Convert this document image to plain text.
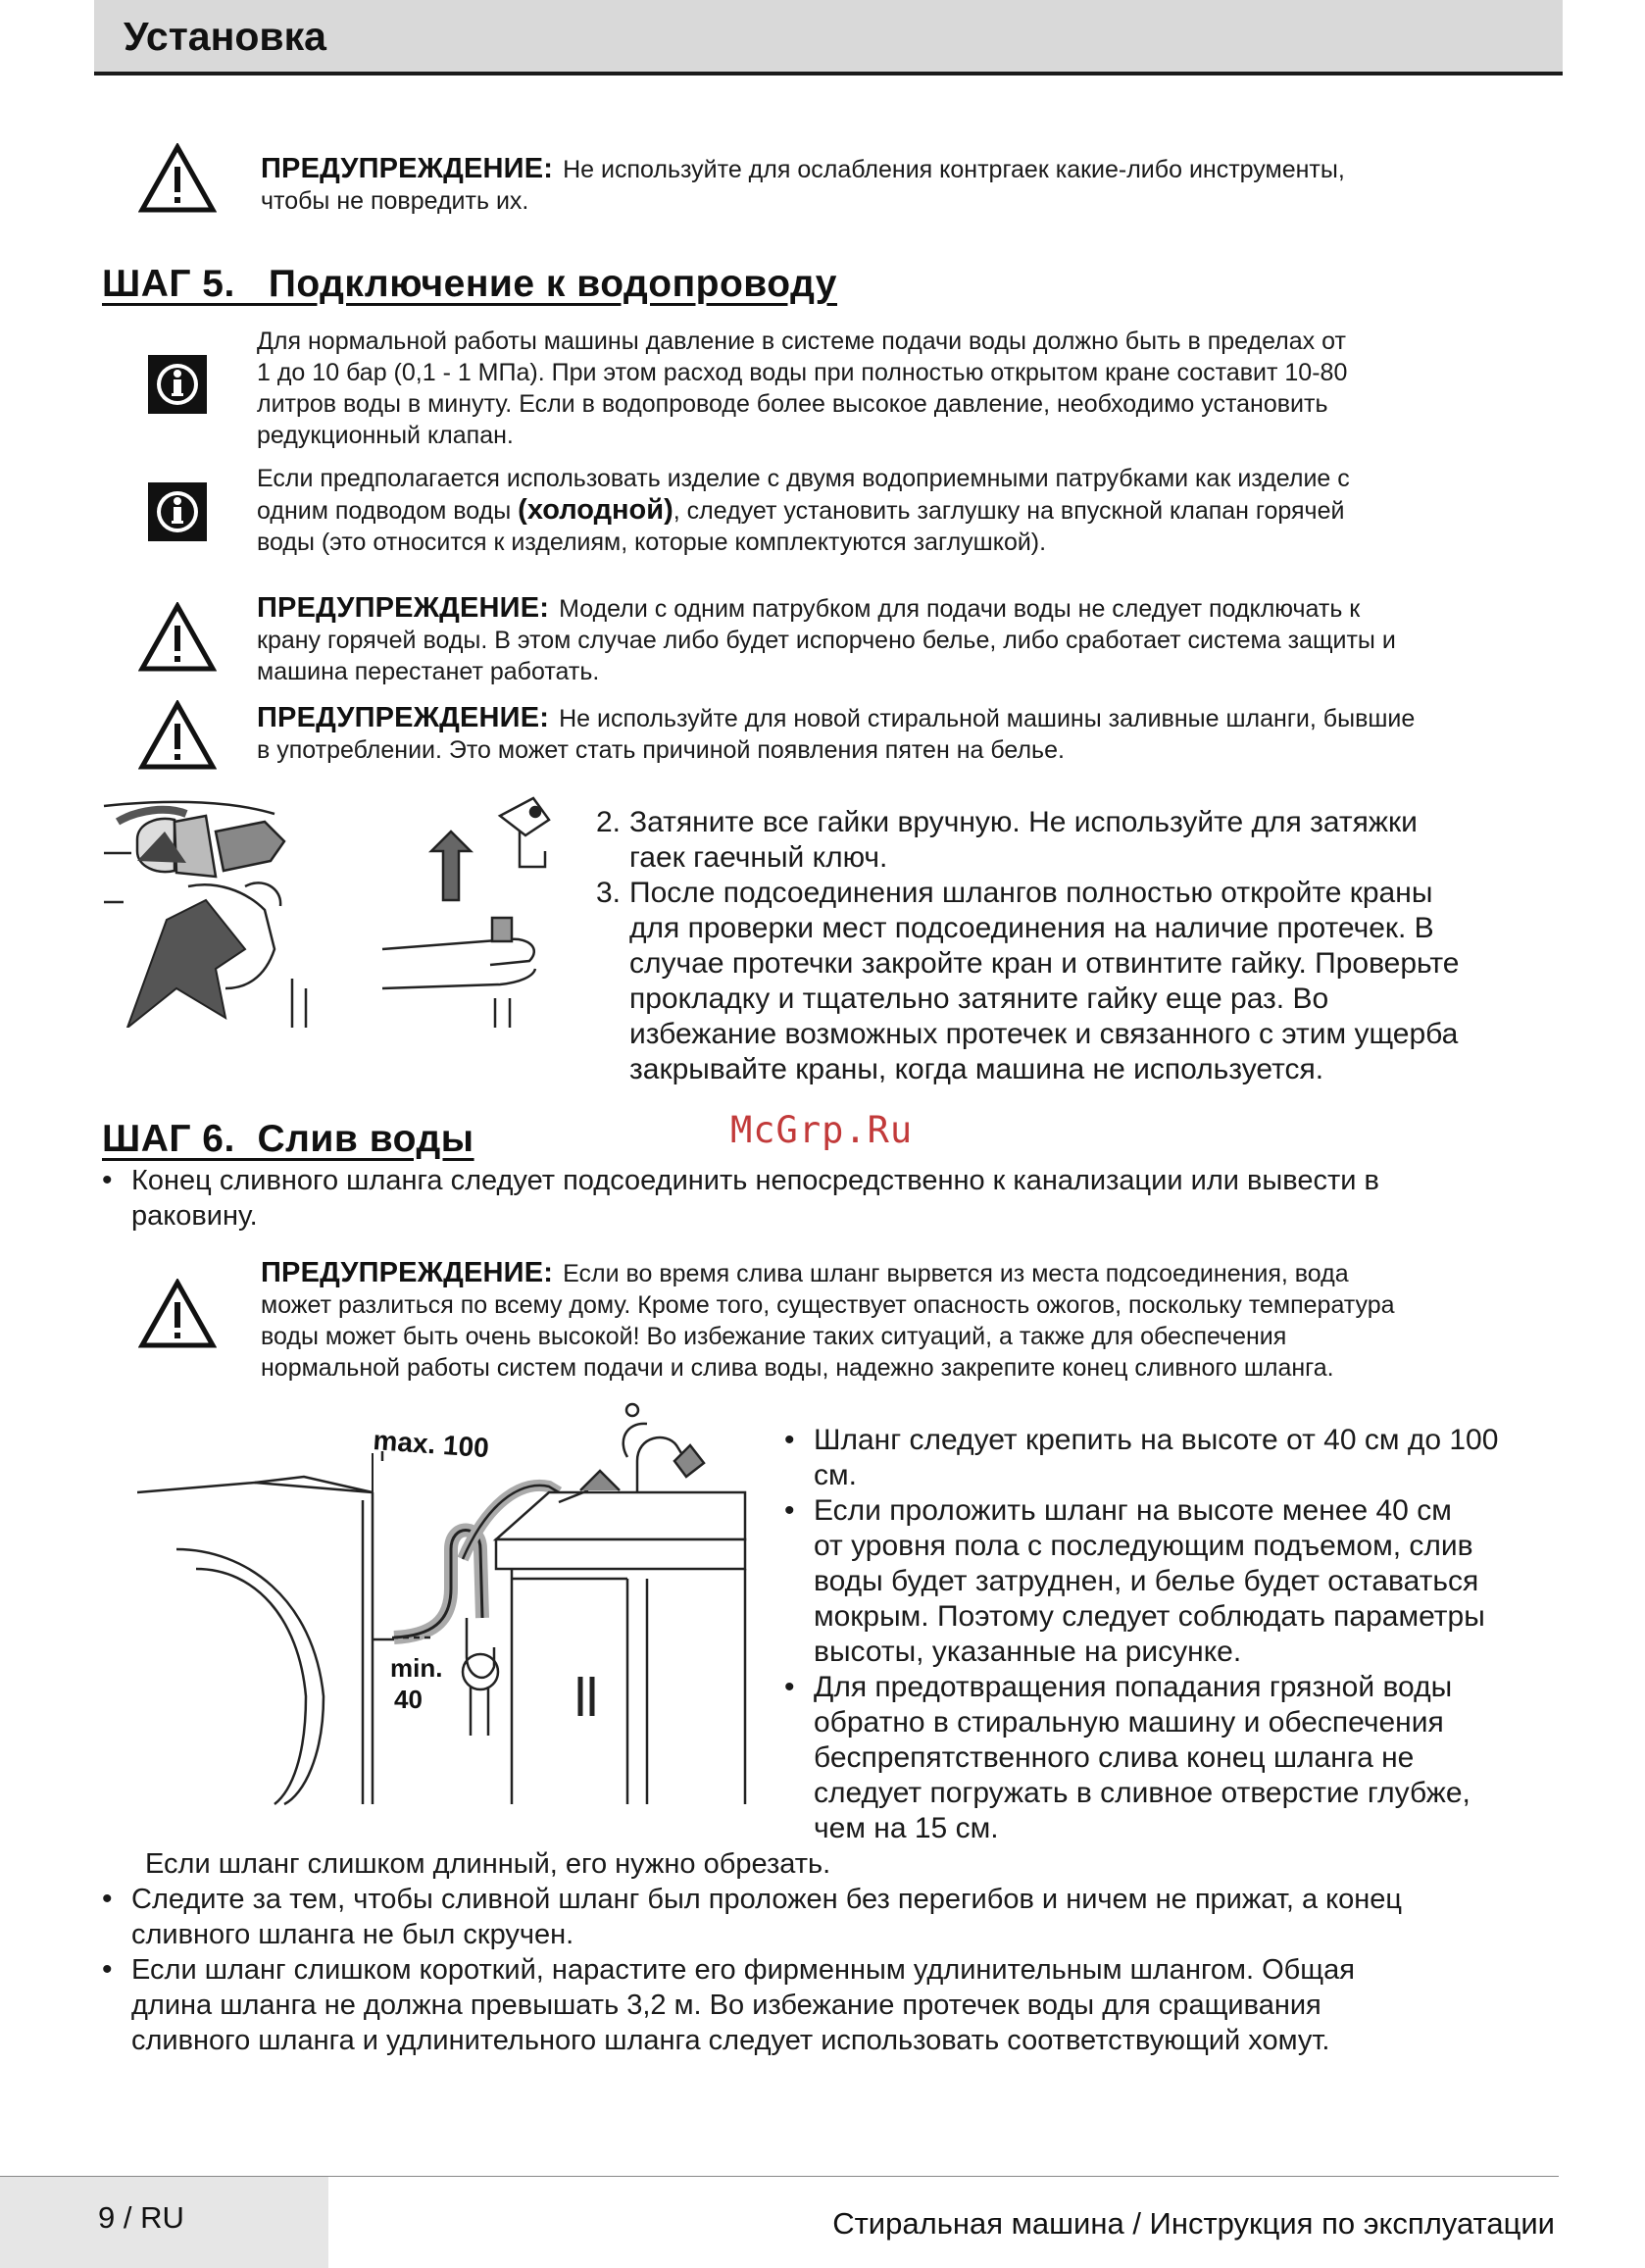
Установка
ПРЕДУПРЕЖДЕНИЕ: Не используйте для ослабления контргаек какие-либо инструменты,
чтобы не повредить их.
ШАГ 5.   Подключение к водопроводу
Для нормальной работы машины давление в системе подачи воды должно быть в пределах от
1 до 10 бар (0,1 - 1 МПа). При этом расход воды при полностью открытом кране составит 10-80
литров воды в минуту. Если в водопроводе более высокое давление, необходимо установить
редукционный клапан.
Если предполагается использовать изделие с двумя водоприемными патрубками как изделие с
одним подводом воды (холодной), следует установить заглушку на впускной клапан горячей
воды (это относится к изделиям, которые комплектуются заглушкой).
ПРЕДУПРЕЖДЕНИЕ: Модели с одним патрубком для подачи воды не следует подключать к
крану горячей воды. В этом случае либо будет испорчено белье, либо сработает система защиты и
машина перестанет работать.
ПРЕДУПРЕЖДЕНИЕ: Не используйте для новой стиральной машины заливные шланги, бывшие
в употреблении. Это может стать причиной появления пятен на белье.
2. Затяните все гайки вручную. Не используйте для затяжки
гаек гаечный ключ.
3. После подсоединения шлангов полностью откройте краны
для проверки мест подсоединения на наличие протечек. В
случае протечки закройте кран и отвинтите гайку. Проверьте
прокладку и тщательно затяните гайку еще раз. Во
избежание возможных протечек и связанного с этим ущерба
закрывайте краны, когда машина не используется.
McGrp.Ru
ШАГ 6.  Слив воды
• Конец сливного шланга следует подсоединить непосредственно к канализации или вывести в
раковину.
ПРЕДУПРЕЖДЕНИЕ: Если во время слива шланг вырвется из места подсоединения, вода
может разлиться по всему дому. Кроме того, существует опасность ожогов, поскольку температура
воды может быть очень высокой! Во избежание таких ситуаций, а также для обеспечения
нормальной работы систем подачи и слива воды, надежно закрепите конец сливного шланга.
max. 100
min.
40
• Шланг следует крепить на высоте от 40 см до 100
см.
• Если проложить шланг на высоте менее 40 см
от уровня пола с последующим подъемом, слив
воды будет затруднен, и белье будет оставаться
мокрым. Поэтому следует соблюдать параметры
высоты, указанные на рисунке.
• Для предотвращения попадания грязной воды
обратно в стиральную машину и обеспечения
беспрепятственного слива конец шланга не
следует погружать в сливное отверстие глубже,
чем на 15 см.
Если шланг слишком длинный, его нужно обрезать.
• Следите за тем, чтобы сливной шланг был проложен без перегибов и ничем не прижат, а конец
сливного шланга не был скручен.
• Если шланг слишком короткий, нарастите его фирменным удлинительным шлангом. Общая
длина шланга не должна превышать 3,2 м. Во избежание протечек воды для сращивания
сливного шланга и удлинительного шланга следует использовать соответствующий хомут.
9 / RU	Стиральная машина / Инструкция по эксплуатации
